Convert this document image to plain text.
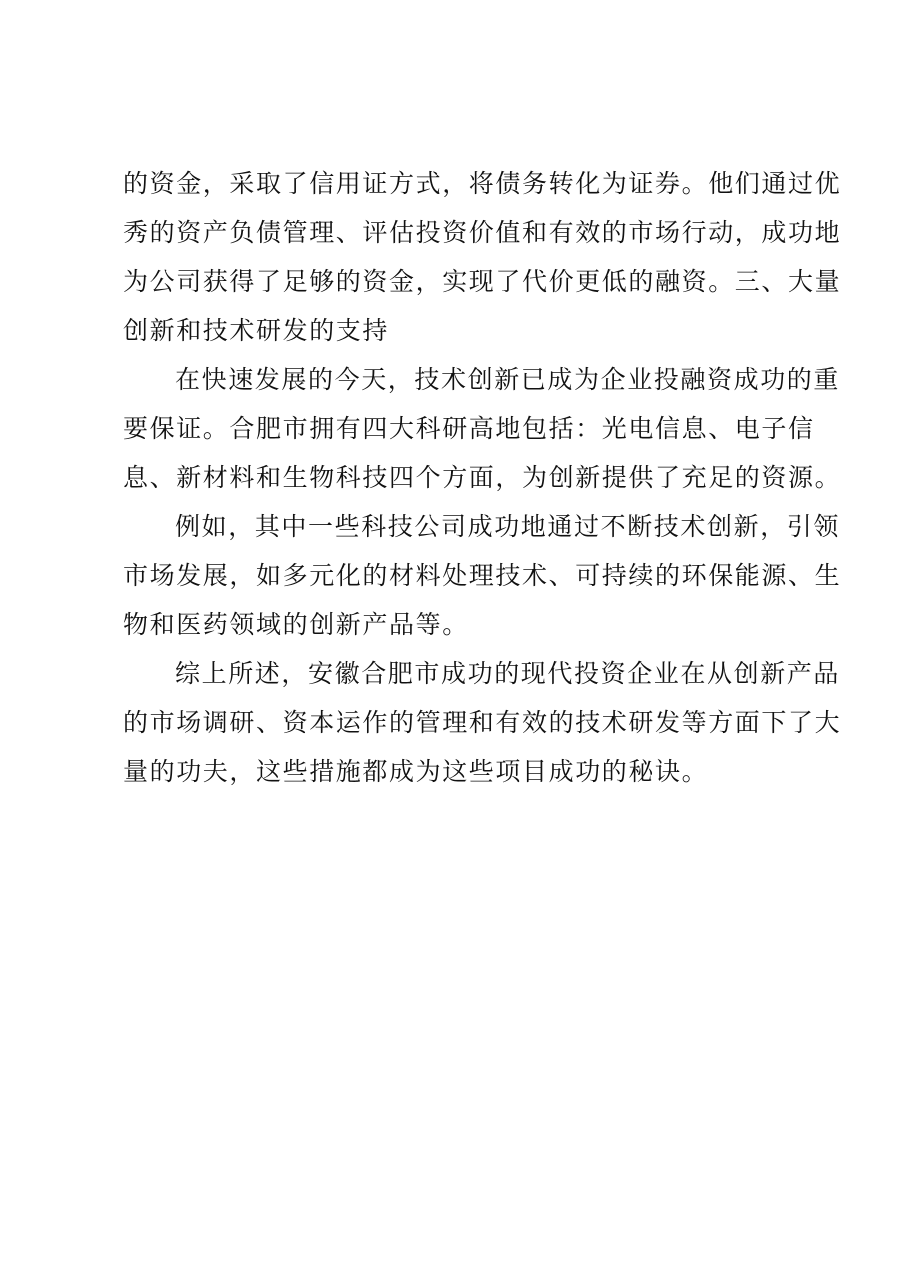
的资金，采取了信用证方式，将债务转化为证券。他们通过优
秀的资产负债管理、评估投资价值和有效的市场行动，成功地
为公司获得了足够的资金，实现了代价更低的融资。三、大量
创新和技术研发的支持

在快速发展的今天，技术创新已成为企业投融资成功的重
要保证。合肥市拥有四大科研高地包括：光电信息、电子信
息、新材料和生物科技四个方面，为创新提供了充足的资源。

例如，其中一些科技公司成功地通过不断技术创新，引领
市场发展，如多元化的材料处理技术、可持续的环保能源、生
物和医药领域的创新产品等。

综上所述，安徽合肥市成功的现代投资企业在从创新产品
的市场调研、资本运作的管理和有效的技术研发等方面下了大
量的功夫，这些措施都成为这些项目成功的秘诀。
